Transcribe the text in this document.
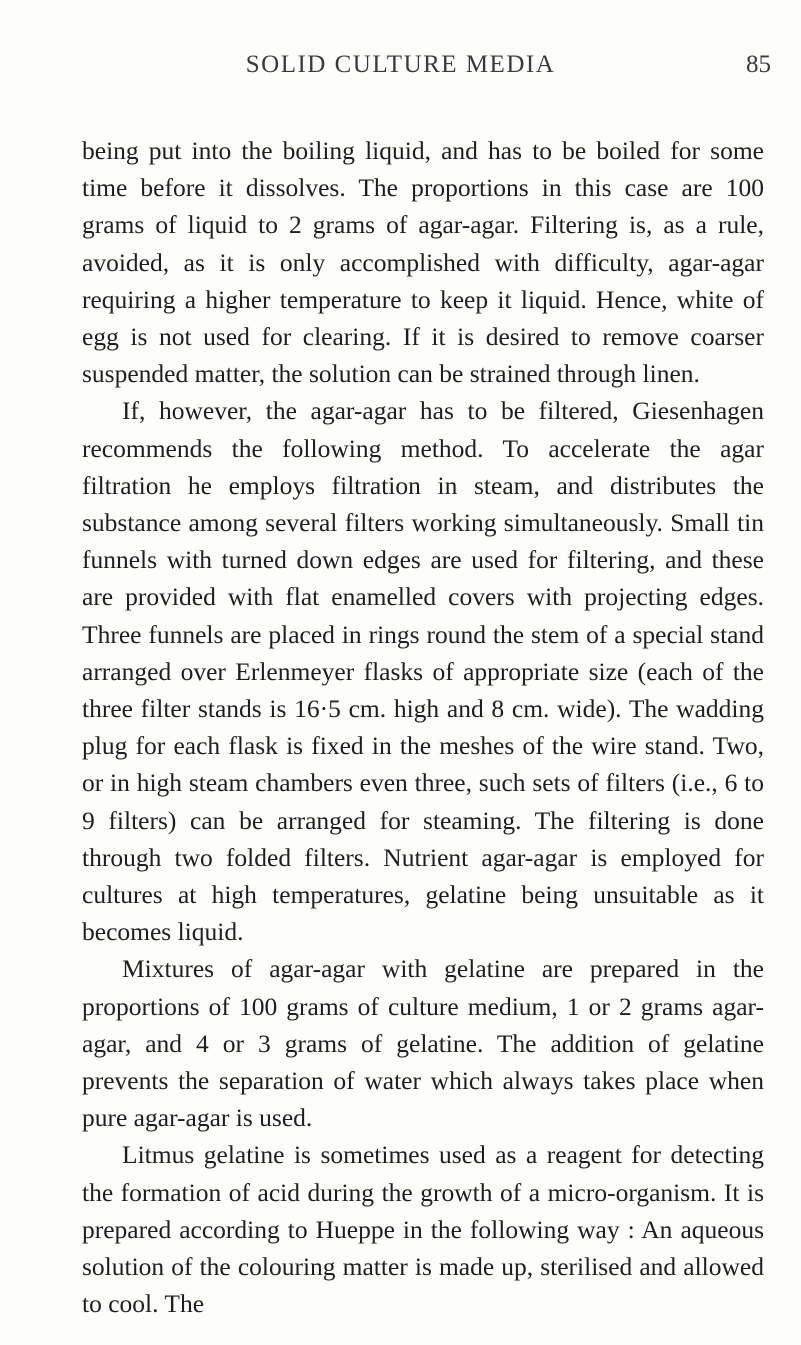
SOLID CULTURE MEDIA	85

being put into the boiling liquid, and has to be boiled for some time before it dissolves. The proportions in this case are 100 grams of liquid to 2 grams of agar-agar. Filtering is, as a rule, avoided, as it is only accomplished with difficulty, agar-agar requiring a higher temperature to keep it liquid. Hence, white of egg is not used for clearing. If it is desired to remove coarser suspended matter, the solution can be strained through linen.

If, however, the agar-agar has to be filtered, Giesenhagen recommends the following method. To accelerate the agar filtration he employs filtration in steam, and distributes the substance among several filters working simultaneously. Small tin funnels with turned down edges are used for filtering, and these are provided with flat enamelled covers with projecting edges. Three funnels are placed in rings round the stem of a special stand arranged over Erlenmeyer flasks of appropriate size (each of the three filter stands is 16·5 cm. high and 8 cm. wide). The wadding plug for each flask is fixed in the meshes of the wire stand. Two, or in high steam chambers even three, such sets of filters (i.e., 6 to 9 filters) can be arranged for steaming. The filtering is done through two folded filters. Nutrient agar-agar is employed for cultures at high temperatures, gelatine being unsuitable as it becomes liquid.

Mixtures of agar-agar with gelatine are prepared in the proportions of 100 grams of culture medium, 1 or 2 grams agar-agar, and 4 or 3 grams of gelatine. The addition of gelatine prevents the separation of water which always takes place when pure agar-agar is used.

Litmus gelatine is sometimes used as a reagent for detecting the formation of acid during the growth of a micro-organism. It is prepared according to Hueppe in the following way : An aqueous solution of the colouring matter is made up, sterilised and allowed to cool. The
